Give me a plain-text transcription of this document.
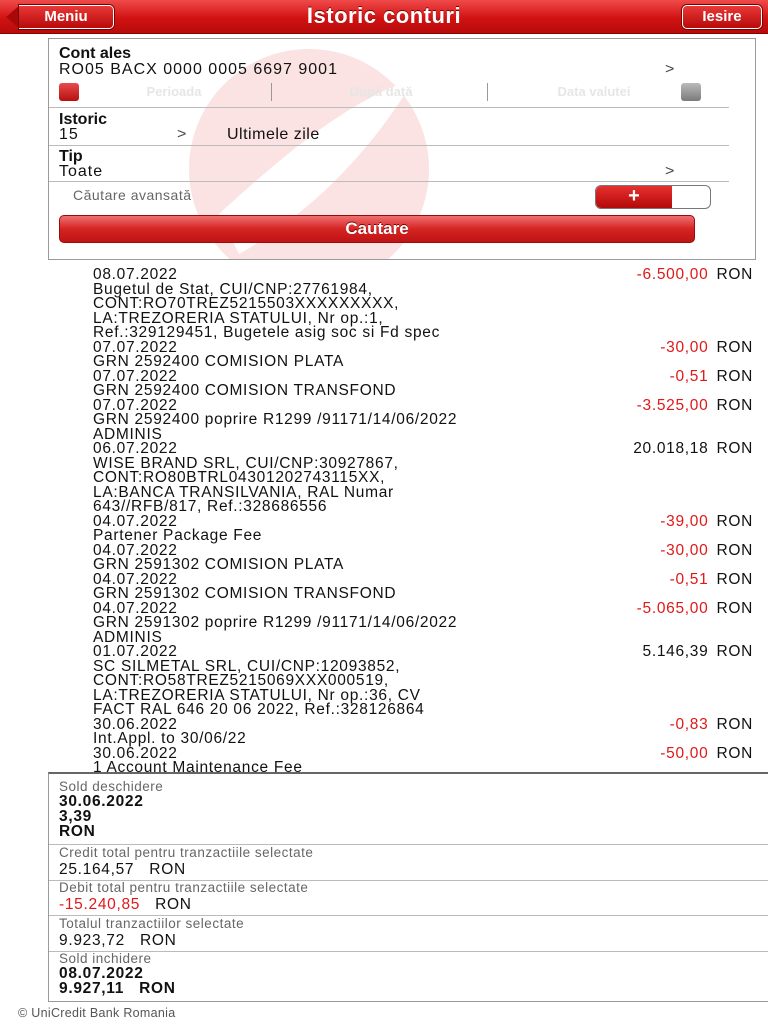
Meniu	Istoric conturi	Iesire
Cont ales
RO05 BACX 0000 0005 6697 9001	>
Perioada	După dată	Data valutei
Istoric
15	>	Ultimele zile
Tip
Toate	>
Căutare avansată	+
Cautare
08.07.2022	-6.500,00 RON
Bugetul de Stat, CUI/CNP:27761984,
CONT:RO70TREZ5215503XXXXXXXXX,
LA:TREZORERIA STATULUI, Nr op.:1,
Ref.:329129451, Bugetele asig soc si Fd spec
07.07.2022	-30,00 RON
GRN 2592400 COMISION PLATA
07.07.2022	-0,51 RON
GRN 2592400 COMISION TRANSFOND
07.07.2022	-3.525,00 RON
GRN 2592400 poprire R1299 /91171/14/06/2022
ADMINIS
06.07.2022	20.018,18 RON
WISE BRAND SRL, CUI/CNP:30927867,
CONT:RO80BTRL04301202743115XX,
LA:BANCA TRANSILVANIA, RAL Numar
643//RFB/817, Ref.:328686556
04.07.2022	-39,00 RON
Partener Package Fee
04.07.2022	-30,00 RON
GRN 2591302 COMISION PLATA
04.07.2022	-0,51 RON
GRN 2591302 COMISION TRANSFOND
04.07.2022	-5.065,00 RON
GRN 2591302 poprire R1299 /91171/14/06/2022
ADMINIS
01.07.2022	5.146,39 RON
SC SILMETAL SRL, CUI/CNP:12093852,
CONT:RO58TREZ5215069XXX000519,
LA:TREZORERIA STATULUI, Nr op.:36, CV
FACT RAL 646 20 06 2022, Ref.:328126864
30.06.2022	-0,83 RON
Int.Appl. to 30/06/22
30.06.2022	-50,00 RON
1 Account Maintenance Fee
Sold deschidere
30.06.2022
3,39
RON
Credit total pentru tranzactiile selectate
25.164,57 RON
Debit total pentru tranzactiile selectate
-15.240,85 RON
Totalul tranzactiilor selectate
9.923,72 RON
Sold inchidere
08.07.2022
9.927,11 RON
© UniCredit Bank Romania
